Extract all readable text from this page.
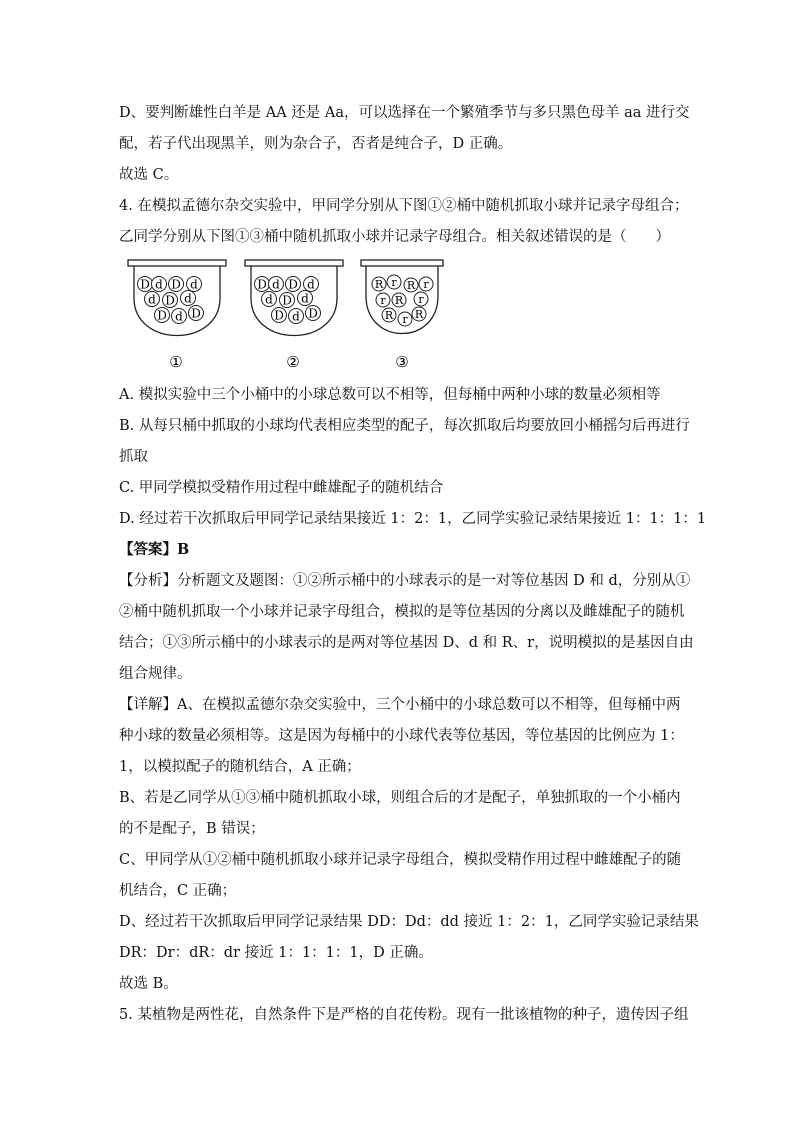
D、要判断雄性白羊是 AA 还是 Aa，可以选择在一个繁殖季节与多只黑色母羊 aa 进行交
配，若子代出现黑羊，则为杂合子，否者是纯合子，D 正确。
故选 C。
4. 在模拟孟德尔杂交实验中，甲同学分别从下图①②桶中随机抓取小球并记录字母组合；
乙同学分别从下图①③桶中随机抓取小球并记录字母组合。相关叙述错误的是（　　）
D d D d
d D d
D d D
①
D d D d
d D d
D d D
②
R r R r
r R r
R r R
③
A. 模拟实验中三个小桶中的小球总数可以不相等，但每桶中两种小球的数量必须相等
B. 从每只桶中抓取的小球均代表相应类型的配子，每次抓取后均要放回小桶摇匀后再进行
抓取
C. 甲同学模拟受精作用过程中雌雄配子的随机结合
D. 经过若干次抓取后甲同学记录结果接近 1：2：1，乙同学实验记录结果接近 1：1：1：1
【答案】B
【分析】分析题文及题图：①②所示桶中的小球表示的是一对等位基因 D 和 d，分别从①
②桶中随机抓取一个小球并记录字母组合，模拟的是等位基因的分离以及雌雄配子的随机
结合；①③所示桶中的小球表示的是两对等位基因 D、d 和 R、r，说明模拟的是基因自由
组合规律。
【详解】A、在模拟孟德尔杂交实验中，三个小桶中的小球总数可以不相等，但每桶中两
种小球的数量必须相等。这是因为每桶中的小球代表等位基因，等位基因的比例应为 1：
1，以模拟配子的随机结合，A 正确；
B、若是乙同学从①③桶中随机抓取小球，则组合后的才是配子，单独抓取的一个小桶内
的不是配子，B 错误；
C、甲同学从①②桶中随机抓取小球并记录字母组合，模拟受精作用过程中雌雄配子的随
机结合，C 正确；
D、经过若干次抓取后甲同学记录结果 DD：Dd：dd 接近 1：2：1，乙同学实验记录结果
DR：Dr：dR：dr 接近 1：1：1：1，D 正确。
故选 B。
5. 某植物是两性花，自然条件下是严格的自花传粉。现有一批该植物的种子，遗传因子组
